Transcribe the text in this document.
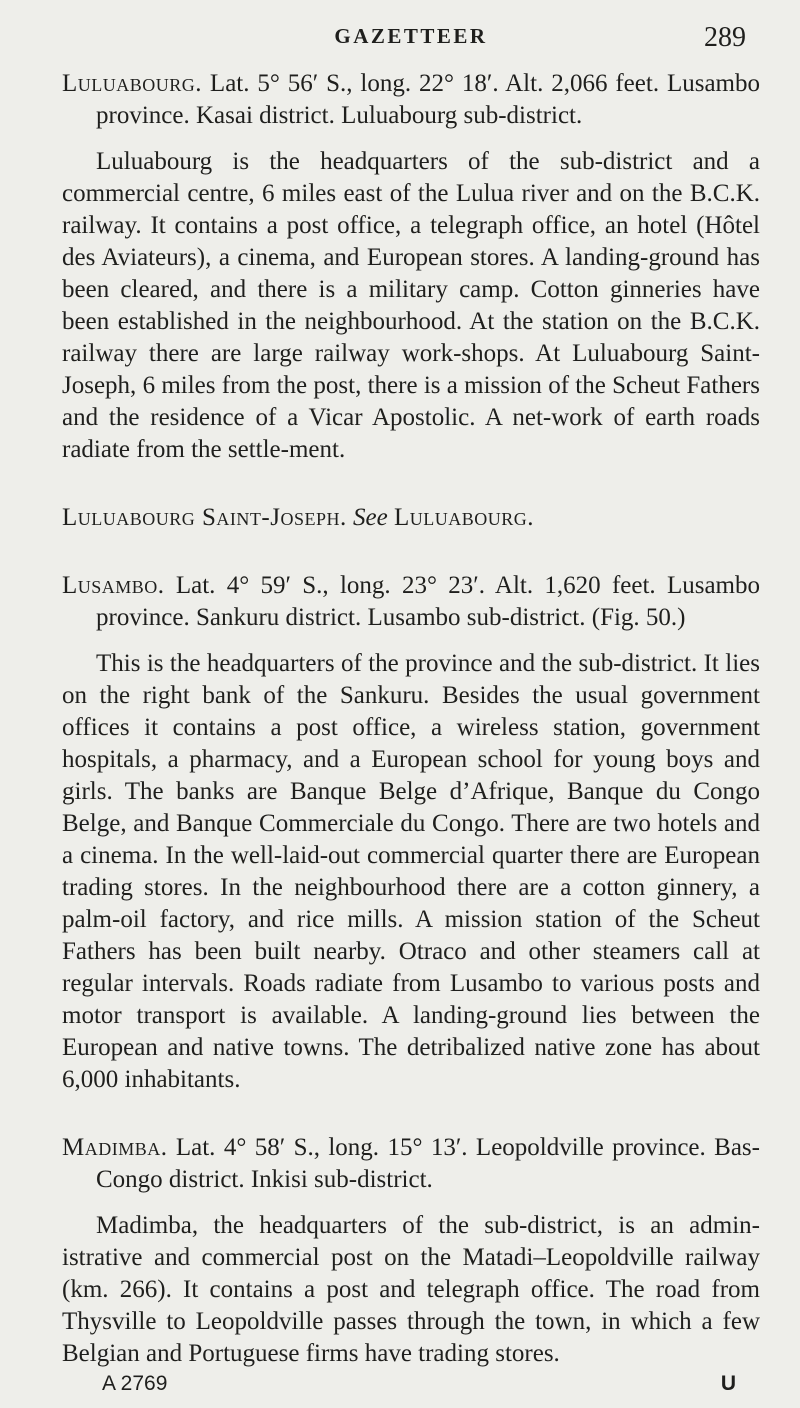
GAZETTEER	289

Luluabourg. Lat. 5° 56′ S., long. 22° 18′. Alt. 2,066 feet. Lusambo province. Kasai district. Luluabourg sub-district.

Luluabourg is the headquarters of the sub-district and a commercial centre, 6 miles east of the Lulua river and on the B.C.K. railway. It contains a post office, a telegraph office, an hotel (Hôtel des Aviateurs), a cinema, and European stores. A landing-ground has been cleared, and there is a military camp. Cotton ginneries have been established in the neighbourhood. At the station on the B.C.K. railway there are large railway work-shops. At Luluabourg Saint-Joseph, 6 miles from the post, there is a mission of the Scheut Fathers and the residence of a Vicar Apostolic. A net-work of earth roads radiate from the settle-ment.

Luluabourg Saint-Joseph. See Luluabourg.

Lusambo. Lat. 4° 59′ S., long. 23° 23′. Alt. 1,620 feet. Lusambo province. Sankuru district. Lusambo sub-district. (Fig. 50.)

This is the headquarters of the province and the sub-district. It lies on the right bank of the Sankuru. Besides the usual government offices it contains a post office, a wireless station, government hospitals, a pharmacy, and a European school for young boys and girls. The banks are Banque Belge d’Afrique, Banque du Congo Belge, and Banque Commerciale du Congo. There are two hotels and a cinema. In the well-laid-out commercial quarter there are European trading stores. In the neighbourhood there are a cotton ginnery, a palm-oil factory, and rice mills. A mission station of the Scheut Fathers has been built nearby. Otraco and other steamers call at regular intervals. Roads radiate from Lusambo to various posts and motor transport is available. A landing-ground lies between the European and native towns. The detribalized native zone has about 6,000 inhabitants.

Madimba. Lat. 4° 58′ S., long. 15° 13′. Leopoldville province. Bas-Congo district. Inkisi sub-district.

Madimba, the headquarters of the sub-district, is an admin-istrative and commercial post on the Matadi–Leopoldville railway (km. 266). It contains a post and telegraph office. The road from Thysville to Leopoldville passes through the town, in which a few Belgian and Portuguese firms have trading stores.

A 2769	U
